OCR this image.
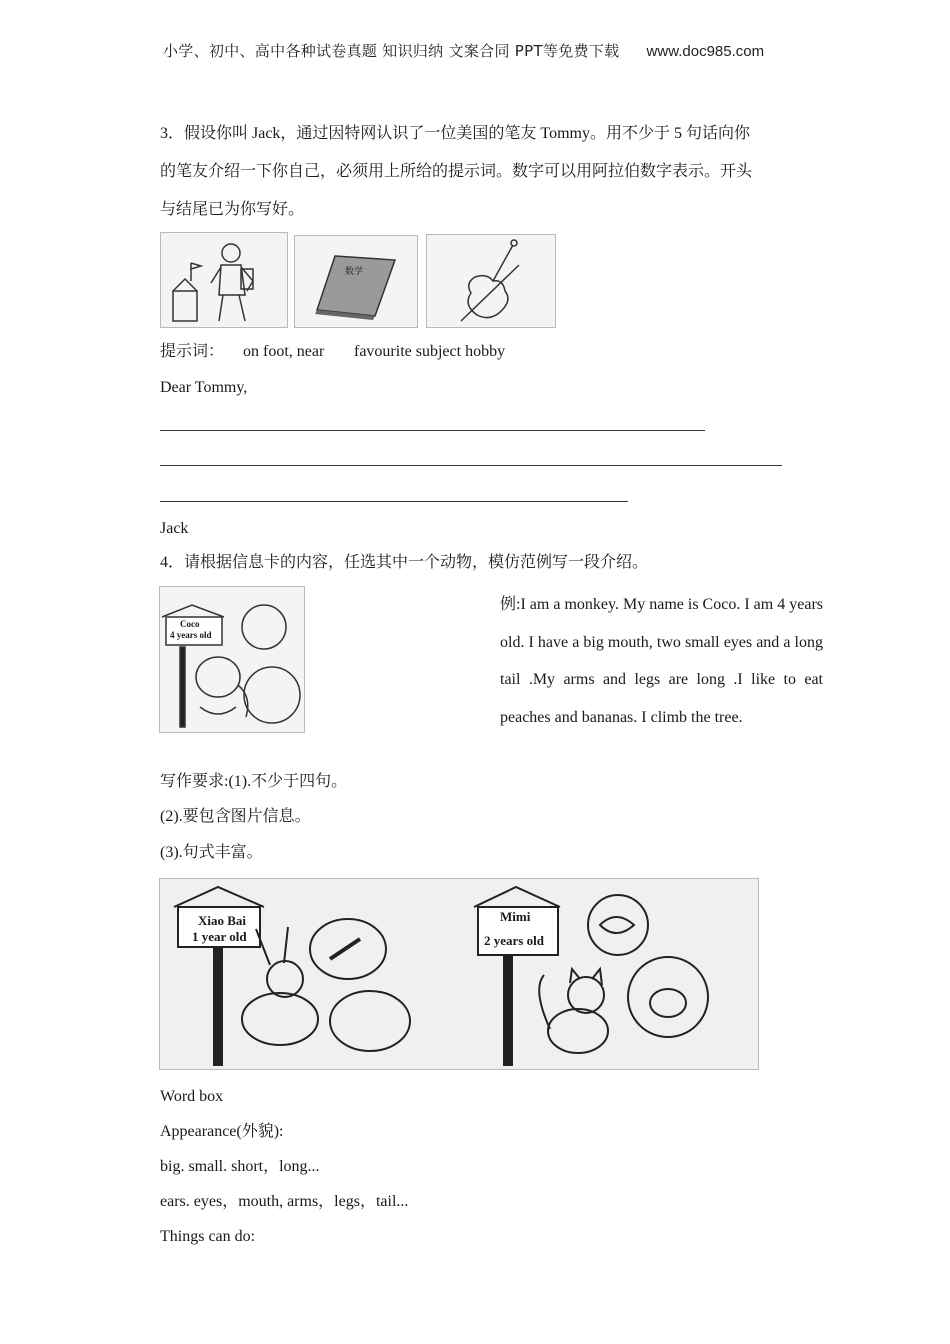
小学、初中、高中各种试卷真题 知识归纳 文案合同 PPT等免费下载 www.doc985.com
3．假设你叫 Jack，通过因特网认识了一位美国的笔友 Tommy。用不少于 5 句话向你
的笔友介绍一下你自己，必须用上所给的提示词。数字可以用阿拉伯数字表示。开头
与结尾已为你写好。
数学
提示词： on foot, near favourite subject hobby
Dear Tommy,
Jack
4．请根据信息卡的内容，任选其中一个动物，模仿范例写一段介绍。
Coco
4 years old
例:I am a monkey. My name is Coco. I am 4 years old. I have a big mouth, two small eyes and a long tail .My arms and legs are long .I like to eat peaches and bananas. I climb the tree.
写作要求:(1).不少于四句。
(2).要包含图片信息。
(3).句式丰富。
Xiao Bai
1 year old
Mimi
2 years old
Word box
Appearance(外貌):
big. small. short，long...
ears. eyes，mouth, arms，legs，tail...
Things can do:
